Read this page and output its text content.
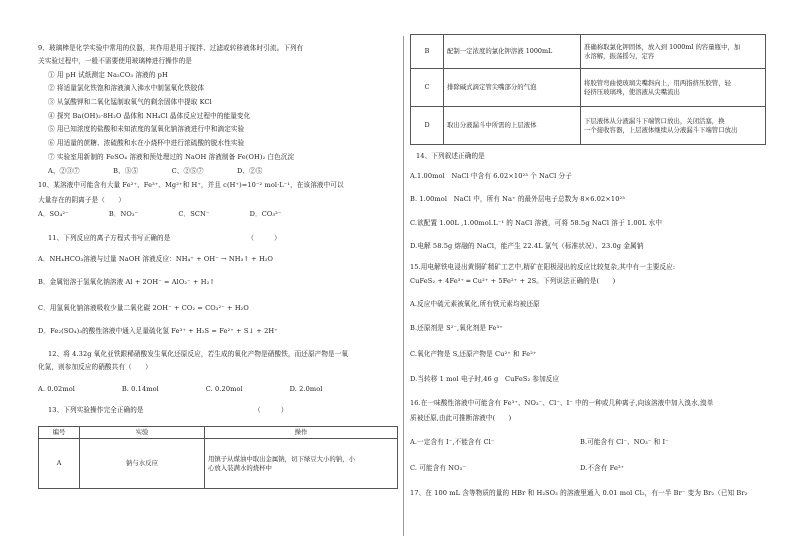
9、玻璃棒是化学实验中常用的仪器，其作用是用于搅拌、过滤或转移液体时引流。下列有
关实验过程中，一般不需要使用玻璃棒进行操作的是
① 用 pH 试纸测定 Na₂CO₃ 溶液的 pH
② 将适量氯化铁饱和溶液滴入沸水中制氢氧化铁胶体
③ 从氯酸钾和二氧化锰制取氧气的剩余固体中提取 KCl
④ 探究 Ba(OH)₂·8H₂O 晶体和 NH₄Cl 晶体反应过程中的能量变化
⑤ 用已知浓度的盐酸和未知浓度的氢氧化钠溶液进行中和滴定实验
⑥ 用适量的蔗糖、浓硫酸和水在小烧杯中进行浓硫酸的脱水性实验
⑦ 实验室用新制的 FeSO₄ 溶液和预处理过的 NaOH 溶液制备 Fe(OH)₂ 白色沉淀
A、②③⑦　　　　　B、③⑤　　　　　C、②⑤⑦　　　　　D、②⑤
10、某溶液中可能含有大量 Fe²⁺、Fe³⁺、Mg²⁺和 H⁺，并且 c(H⁺)=10⁻² mol·L⁻¹，在该溶液中可以
大量存在的阴离子是（　　）
A．SO₄²⁻　　　　　　B．NO₃⁻　　　　　　C．SCN⁻　　　　　　D．CO₃²⁻
11、下列反应的离子方程式书写正确的是　　　　　　　　　　　　（　　　）
A．NH₄HCO₃溶液与过量 NaOH 溶液反应：NH₄⁺ + OH⁻ → NH₃↑ + H₂O
B．金属铝溶于氢氧化钠溶液 Al + 2OH⁻ = AlO₂⁻ + H₂↑
C．用氢氧化钠溶液吸收少量二氧化碳 2OH⁻ + CO₂ = CO₃²⁻ + H₂O
D．Fe₂(SO₄)₃的酸性溶液中通入足量硫化氢 Fe³⁺ + H₂S = Fe²⁺ + S↓ + 2H⁺
12、将 4.32g 氧化亚铁跟稀硝酸发生氧化还原反应，若生成的氧化产物是硝酸铁，而还原产物是一氧
化氮，则参加反应的硝酸共有（　　）
A. 0.02mol　　　　　　　B. 0.14mol　　　　　　　C. 0.20mol　　　　　　　D. 2.0mol
13、下列实验操作完全正确的是　　　　　　　　　　　　　　　　　（　　　）
编号	实验	操作
A	钠与水反应	用镇子从煤油中取出金属钠，切下绿豆大小的钠，小
心放入装满水的烧杯中
B	配制一定浓度的氯化钾溶液 1000mL	准确称取氯化钾固体，放入到 1000ml 的容量瓶中，加
水溶解，振荡摇匀，定容

C	排除碱式滴定管尖嘴部分的气泡	将胶管弯曲使玻璃尖嘴斜向上，用两指挤压胶管，轻
轻挤压玻璃珠，使溶液从尖嘴流出

D	取出分液漏斗中所需的上层液体	下层液体从分液漏斗下端管口放出，关闭活塞，换
一个接收容器，上层液体继续从分液漏斗下端管口放出
14、下列叙述正确的是
A.1.00mol　NaCl 中含有 6.02×10²³ 个 NaCl 分子
B. 1.00mol　NaCl 中，所有 Na⁺ 的最外层电子总数为 8×6.02×10²³
C.欲配置 1.00L ,1.00mol.L⁻¹ 的 NaCl 溶液，可将 58.5g NaCl 溶于 1.00L 水中
D.电解 58.5g 熔融的 NaCl，能产生 22.4L 氯气（标准状况）、23.0g 金属钠
15.用电解铁电浸出黄铜矿精矿工艺中,精矿在阳极浸出的反应比较复杂,其中有一主要反应:
CuFeS₂ + 4Fe³⁺ ═ Cu²⁺ + 5Fe²⁺ + 2S。下列说法正确的是(　　)
A.反应中硫元素被氧化,所有铁元素均被还原
B.还原剂是 S²⁻,氧化剂是 Fe³⁺
C.氧化产物是 S,还原产物是 Cu²⁺ 和 Fe²⁺
D.当转移 1 mol 电子时,46 g　CuFeS₂ 参加反应
16.在一味酸性溶液中可能含有 Fe³⁺、NO₃⁻、Cl⁻、I⁻ 中的一种或几种离子,向该溶液中加入溴水,溴单
质被还原,由此可推断溶液中(　　)
A.一定含有 I⁻,不能含有 Cl⁻	B.可能含有 Cl⁻、NO₃⁻ 和 I⁻
C. 可能含有 NO₃⁻	D.不含有 Fe³⁺
17、在 100 mL 含等物质的量的 HBr 和 H₂SO₃ 的溶液里通入 0.01 mol Cl₂，有一半 Br⁻ 变为 Br₂（已知 Br₂
